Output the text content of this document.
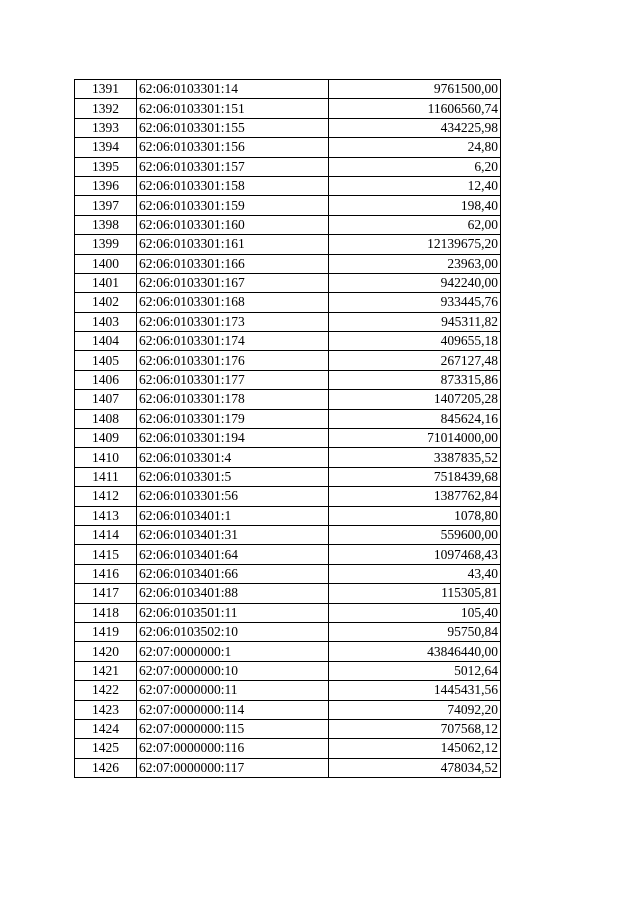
1391	62:06:0103301:14	9761500,00
1392	62:06:0103301:151	11606560,74
1393	62:06:0103301:155	434225,98
1394	62:06:0103301:156	24,80
1395	62:06:0103301:157	6,20
1396	62:06:0103301:158	12,40
1397	62:06:0103301:159	198,40
1398	62:06:0103301:160	62,00
1399	62:06:0103301:161	12139675,20
1400	62:06:0103301:166	23963,00
1401	62:06:0103301:167	942240,00
1402	62:06:0103301:168	933445,76
1403	62:06:0103301:173	945311,82
1404	62:06:0103301:174	409655,18
1405	62:06:0103301:176	267127,48
1406	62:06:0103301:177	873315,86
1407	62:06:0103301:178	1407205,28
1408	62:06:0103301:179	845624,16
1409	62:06:0103301:194	71014000,00
1410	62:06:0103301:4	3387835,52
1411	62:06:0103301:5	7518439,68
1412	62:06:0103301:56	1387762,84
1413	62:06:0103401:1	1078,80
1414	62:06:0103401:31	559600,00
1415	62:06:0103401:64	1097468,43
1416	62:06:0103401:66	43,40
1417	62:06:0103401:88	115305,81
1418	62:06:0103501:11	105,40
1419	62:06:0103502:10	95750,84
1420	62:07:0000000:1	43846440,00
1421	62:07:0000000:10	5012,64
1422	62:07:0000000:11	1445431,56
1423	62:07:0000000:114	74092,20
1424	62:07:0000000:115	707568,12
1425	62:07:0000000:116	145062,12
1426	62:07:0000000:117	478034,52
